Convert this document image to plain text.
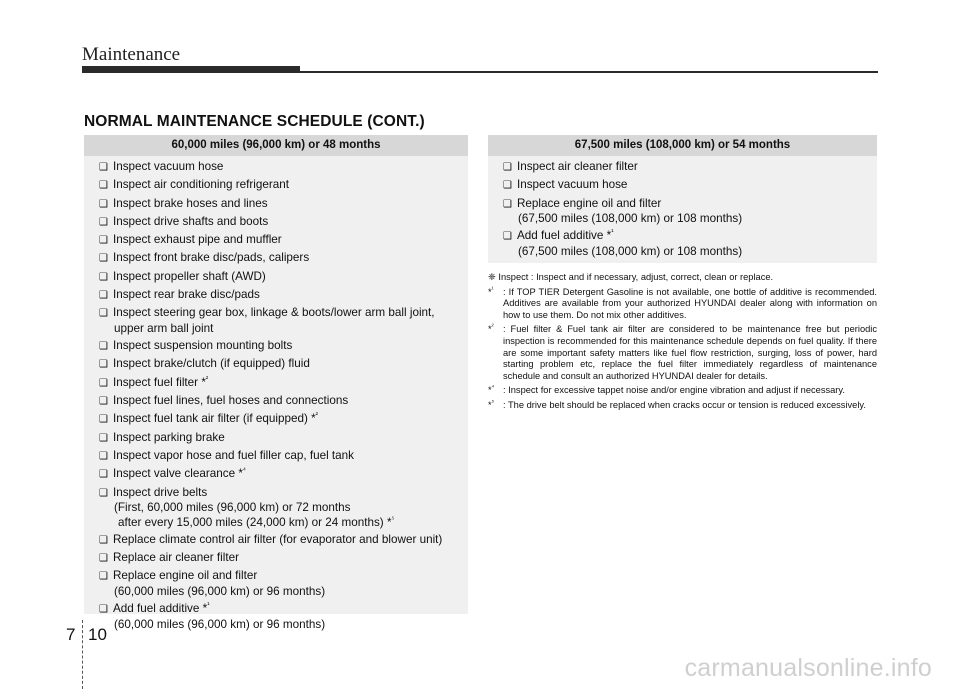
Maintenance
NORMAL MAINTENANCE SCHEDULE (CONT.)
60,000 miles (96,000 km) or 48 months
❑ Inspect vacuum hose
❑ Inspect air conditioning refrigerant
❑ Inspect brake hoses and lines
❑ Inspect drive shafts and boots
❑ Inspect exhaust pipe and muffler
❑ Inspect front brake disc/pads, calipers
❑ Inspect propeller shaft (AWD)
❑ Inspect rear brake disc/pads
❑ Inspect steering gear box, linkage & boots/lower arm ball joint,
upper arm ball joint
❑ Inspect suspension mounting bolts
❑ Inspect brake/clutch (if equipped) fluid
❑ Inspect fuel filter *$^{^2}$
❑ Inspect fuel lines, fuel hoses and connections
❑ Inspect fuel tank air filter (if equipped) *$^{^2}$
❑ Inspect parking brake
❑ Inspect vapor hose and fuel filler cap, fuel tank
❑ Inspect valve clearance *$^{^4}$
❑ Inspect drive belts
(First, 60,000 miles (96,000 km) or 72 months
after every 15,000 miles (24,000 km) or 24 months) *$^{^5}$
❑ Replace climate control air filter (for evaporator and blower unit)
❑ Replace air cleaner filter
❑ Replace engine oil and filter
(60,000 miles (96,000 km) or 96 months)
❑ Add fuel additive *$^{^1}$
(60,000 miles (96,000 km) or 96 months)
67,500 miles (108,000 km) or 54 months
❑ Inspect air cleaner filter
❑ Inspect vacuum hose
❑ Replace engine oil and filter
(67,500 miles (108,000 km) or 108 months)
❑ Add fuel additive *$^{^1}$
(67,500 miles (108,000 km) or 108 months)
❈ Inspect : Inspect and if necessary, adjust, correct, clean or replace.
*$^{^1}$	: If TOP TIER Detergent Gasoline is not available, one bottle of additive is recommended. Additives are available from your authorized HYUNDAI dealer along with information on how to use them. Do not mix other additives.
*$^{^2}$	: Fuel filter & Fuel tank air filter are considered to be maintenance free but periodic inspection is recommended for this maintenance schedule depends on fuel quality. If there are some important safety matters like fuel flow restriction, surging, loss of power, hard starting problem etc, replace the fuel filter immediately regardless of maintenance schedule and consult an authorized HYUNDAI dealer for details.
*$^{^4}$ : Inspect for excessive tappet noise and/or engine vibration and adjust if necessary.
*$^{^5}$ : The drive belt should be replaced when cracks occur or tension is reduced excessively.
7 10
carmanualsonline.info
